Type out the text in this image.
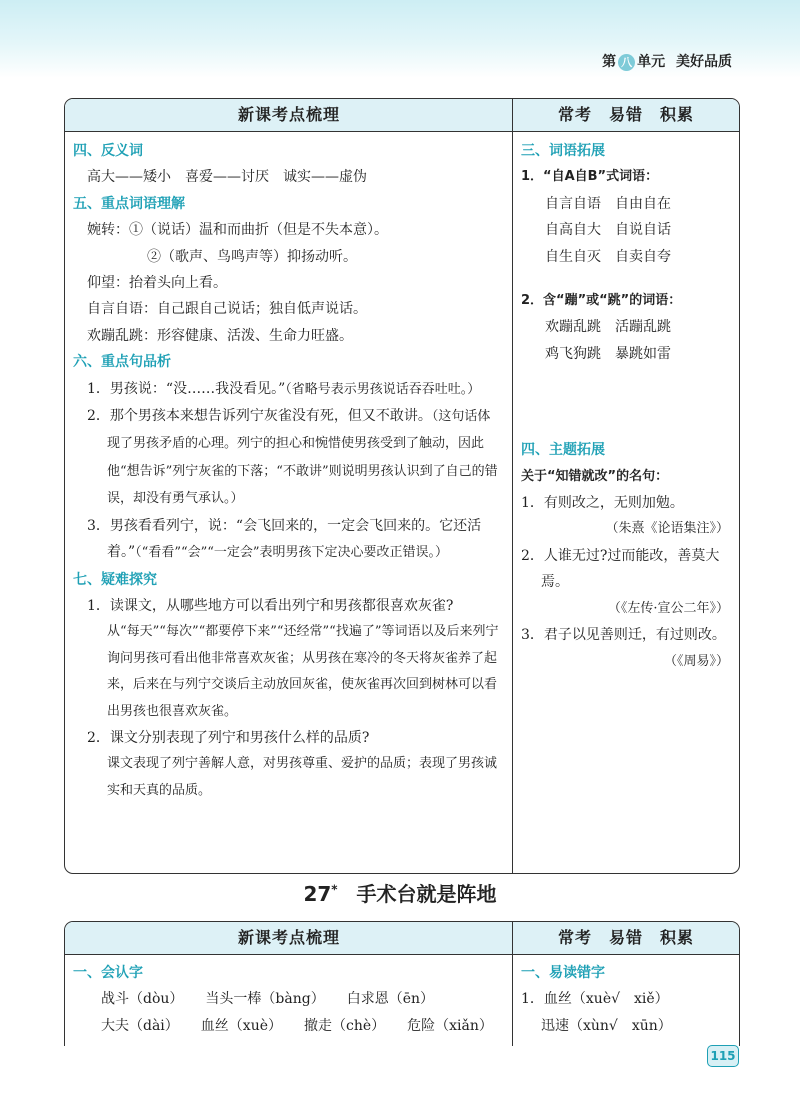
第 八 单元 美好品质
新课考点梳理	常考　易错　积累
四、反义词
高大——矮小　喜爱——讨厌　诚实——虚伪
五、重点词语理解
婉转：①（说话）温和而曲折（但是不失本意）。
②（歌声、鸟鸣声等）抑扬动听。
仰望：抬着头向上看。
自言自语：自己跟自己说话；独自低声说话。
欢蹦乱跳：形容健康、活泼、生命力旺盛。
六、重点句品析
1．男孩说：“没……我没看见。”（省略号表示男孩说话吞吞吐吐。）
2．那个男孩本来想告诉列宁灰雀没有死，但又不敢讲。（这句话体现了男孩矛盾的心理。列宁的担心和惋惜使男孩受到了触动，因此他“想告诉”列宁灰雀的下落；“不敢讲”则说明男孩认识到了自己的错误，却没有勇气承认。）
3．男孩看看列宁，说：“会飞回来的，一定会飞回来的。它还活着。”（“看看”“会”“一定会”表明男孩下定决心要改正错误。）
七、疑难探究
1．读课文，从哪些地方可以看出列宁和男孩都很喜欢灰雀?
从“每天”“每次”“都要停下来”“还经常”“找遍了”等词语以及后来列宁询问男孩可看出他非常喜欢灰雀；从男孩在寒冷的冬天将灰雀养了起来，后来在与列宁交谈后主动放回灰雀，使灰雀再次回到树林可以看出男孩也很喜欢灰雀。
2．课文分别表现了列宁和男孩什么样的品质?
课文表现了列宁善解人意，对男孩尊重、爱护的品质；表现了男孩诚实和天真的品质。
三、词语拓展
1．“自A自B”式词语：
自言自语　自由自在
自高自大　自说自话
自生自灭　自卖自夸
2．含“蹦”或“跳”的词语：
欢蹦乱跳　活蹦乱跳
鸡飞狗跳　暴跳如雷
四、主题拓展
关于“知错就改”的名句：
1．有则改之，无则加勉。
（朱熹《论语集注》）
2．人谁无过?过而能改，善莫大焉。
（《左传·宣公二年》）
3．君子以见善则迁，有过则改。
（《周易》）
27* 手术台就是阵地
新课考点梳理	常考　易错　积累
一、会认字
战斗（dòu） 当头一棒（bàng） 白求恩（ēn）
大夫（dài） 血丝（xuè） 撤走（chè） 危险（xiǎn）
一、易读错字
1．血丝（xuè√　xiě）
迅速（xùn√　xūn）
115
